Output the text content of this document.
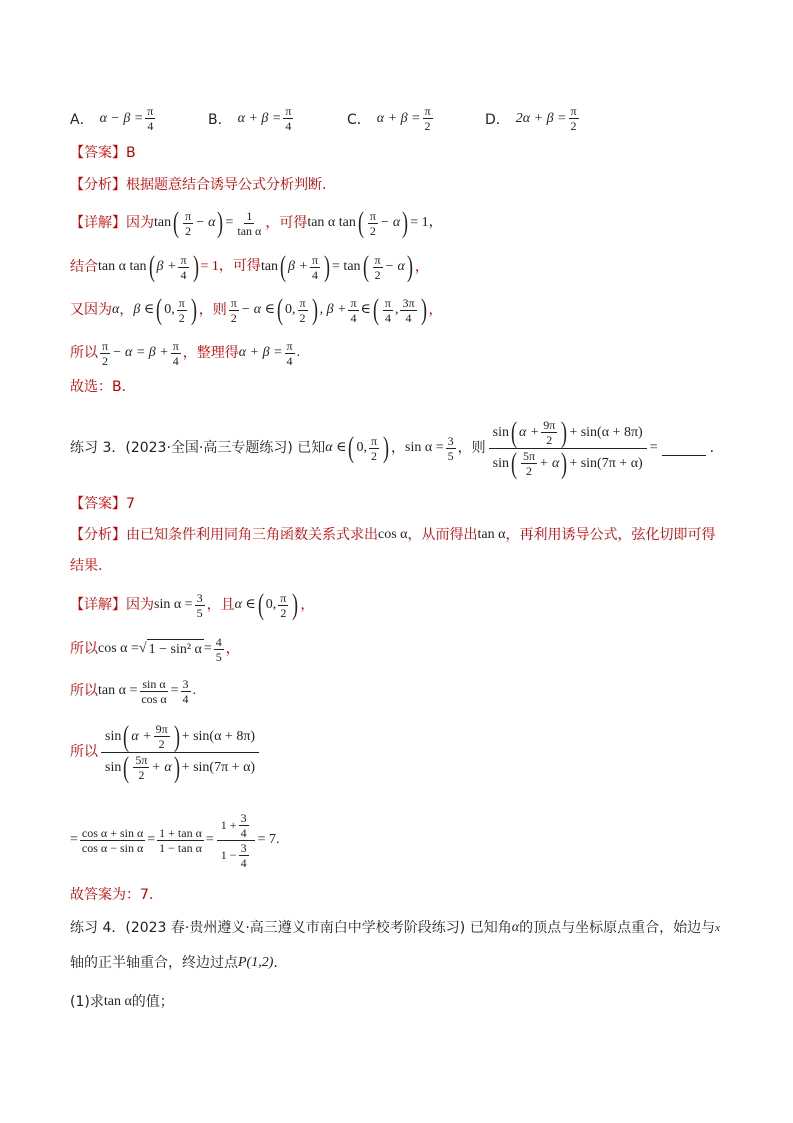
A． $\alpha - \beta = \frac{\pi}{4}$	B． $\alpha + \beta = \frac{\pi}{4}$	C． $\alpha + \beta = \frac{\pi}{2}$	D． $2\alpha + \beta = \frac{\pi}{2}$
【答案】 B
【分析】 根据题意结合诱导公式分析判断.
【详解】 因为 tan ( $\frac{\pi}{2} - \alpha$ ) = $\frac{1}{\text{tan α}}$ ，可得 tan α tan ( $\frac{\pi}{2} - \alpha$ ) = 1，
结合 tan α tan ( $\beta + \frac{\pi}{4}$ ) = 1，可得 tan ( $\beta + \frac{\pi}{4}$ ) = tan ( $\frac{\pi}{2} - \alpha$ ) ，
又因为 α ， β ∈ ( 0, $\frac{\pi}{2}$ ) ，则 $\frac{\pi}{2} - \alpha$ ∈ ( 0, $\frac{\pi}{2}$ ) , $\beta + \frac{\pi}{4}$ ∈ ( $\frac{\pi}{4}$ , $\frac{3\pi}{4}$ ) ，
所以 $\frac{\pi}{2} - \alpha = \beta + \frac{\pi}{4}$ ，整理得 $\alpha + \beta = \frac{\pi}{4}$ .
故选：B.
练习 3．(2023·全国·高三专题练习) 已知 α ∈ ( 0, $\frac{\pi}{2}$ ) ， $\sin \alpha = \frac{3}{5}$ ，则
sin ( $\alpha + \frac{9\pi}{2}$ ) + sin(α + 8π)
sin ( $\frac{5\pi}{2} + \alpha$ ) + sin(7π + α)
=	.
【答案】 7
【分析】 由已知条件利用同角三角函数关系式求出 cos α ，从而得出 tan α ，再利用诱导公式，弦化切即可得
结果.
【详解】 因为 $\sin \alpha = \frac{3}{5}$ ，且 α ∈ ( 0, $\frac{\pi}{2}$ ) ，
所以 cos α = √ 1 − sin² $\alpha = \frac{4}{5}$ ，
所以 $\tan \alpha = \frac{\text{sin α}}{\text{cos α}} = \frac{3}{4}$ .
所以
sin ( $\alpha + \frac{9\pi}{2}$ ) + sin(α + 8π)
sin ( $\frac{5\pi}{2} + \alpha$ ) + sin(7π + α)
= $\frac{\text{cos α + sin α}}{\text{cos α − sin α}} = \frac{\text{1 + tan α}}{\text{1 − tan α}} = \frac{1 + \frac{3}{4}}{1 - \frac{3}{4}} = 7$ .
故答案为：7.
练习 4．(2023 春·贵州遵义·高三遵义市南白中学校考阶段练习) 已知角 α 的顶点与坐标原点重合，始边与 x
轴的正半轴重合，终边过点 P(1,2) .
(1)求 tan α 的值；
